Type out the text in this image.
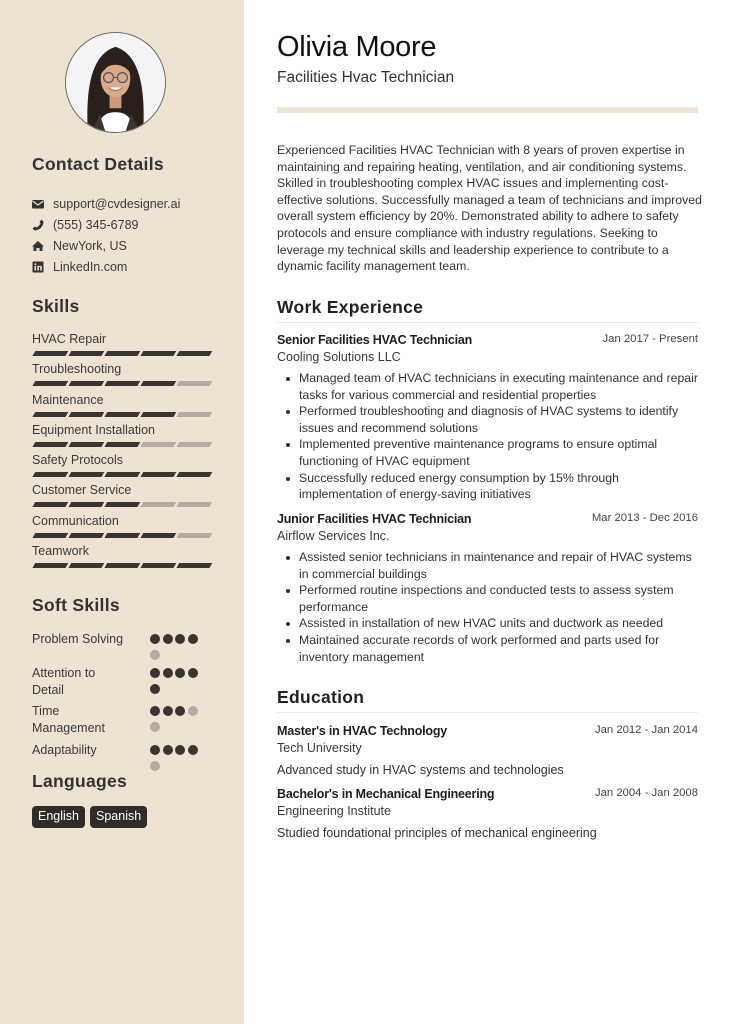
Contact Details
support@cvdesigner.ai
(555) 345-6789
NewYork, US
LinkedIn.com
Skills
HVAC Repair
Troubleshooting
Maintenance
Equipment Installation
Safety Protocols
Customer Service
Communication
Teamwork
Soft Skills
Problem Solving
Attention to Detail
Time Management
Adaptability
Languages
English	Spanish
Olivia Moore
Facilities Hvac Technician

Experienced Facilities HVAC Technician with 8 years of proven expertise in maintaining and repairing heating, ventilation, and air conditioning systems. Skilled in troubleshooting complex HVAC issues and implementing cost-effective solutions. Successfully managed a team of technicians and improved overall system efficiency by 20%. Demonstrated ability to adhere to safety protocols and ensure compliance with industry regulations. Seeking to leverage my technical skills and leadership experience to contribute to a dynamic facility management team.

Work Experience
Senior Facilities HVAC Technician	Jan 2017 - Present
Cooling Solutions LLC
Managed team of HVAC technicians in executing maintenance and repair tasks for various commercial and residential properties
Performed troubleshooting and diagnosis of HVAC systems to identify issues and recommend solutions
Implemented preventive maintenance programs to ensure optimal functioning of HVAC equipment
Successfully reduced energy consumption by 15% through implementation of energy-saving initiatives
Junior Facilities HVAC Technician	Mar 2013 - Dec 2016
Airflow Services Inc.
Assisted senior technicians in maintenance and repair of HVAC systems in commercial buildings
Performed routine inspections and conducted tests to assess system performance
Assisted in installation of new HVAC units and ductwork as needed
Maintained accurate records of work performed and parts used for inventory management
Education
Master's in HVAC Technology	Jan 2012 - Jan 2014
Tech University
Advanced study in HVAC systems and technologies
Bachelor's in Mechanical Engineering	Jan 2004 - Jan 2008
Engineering Institute
Studied foundational principles of mechanical engineering
